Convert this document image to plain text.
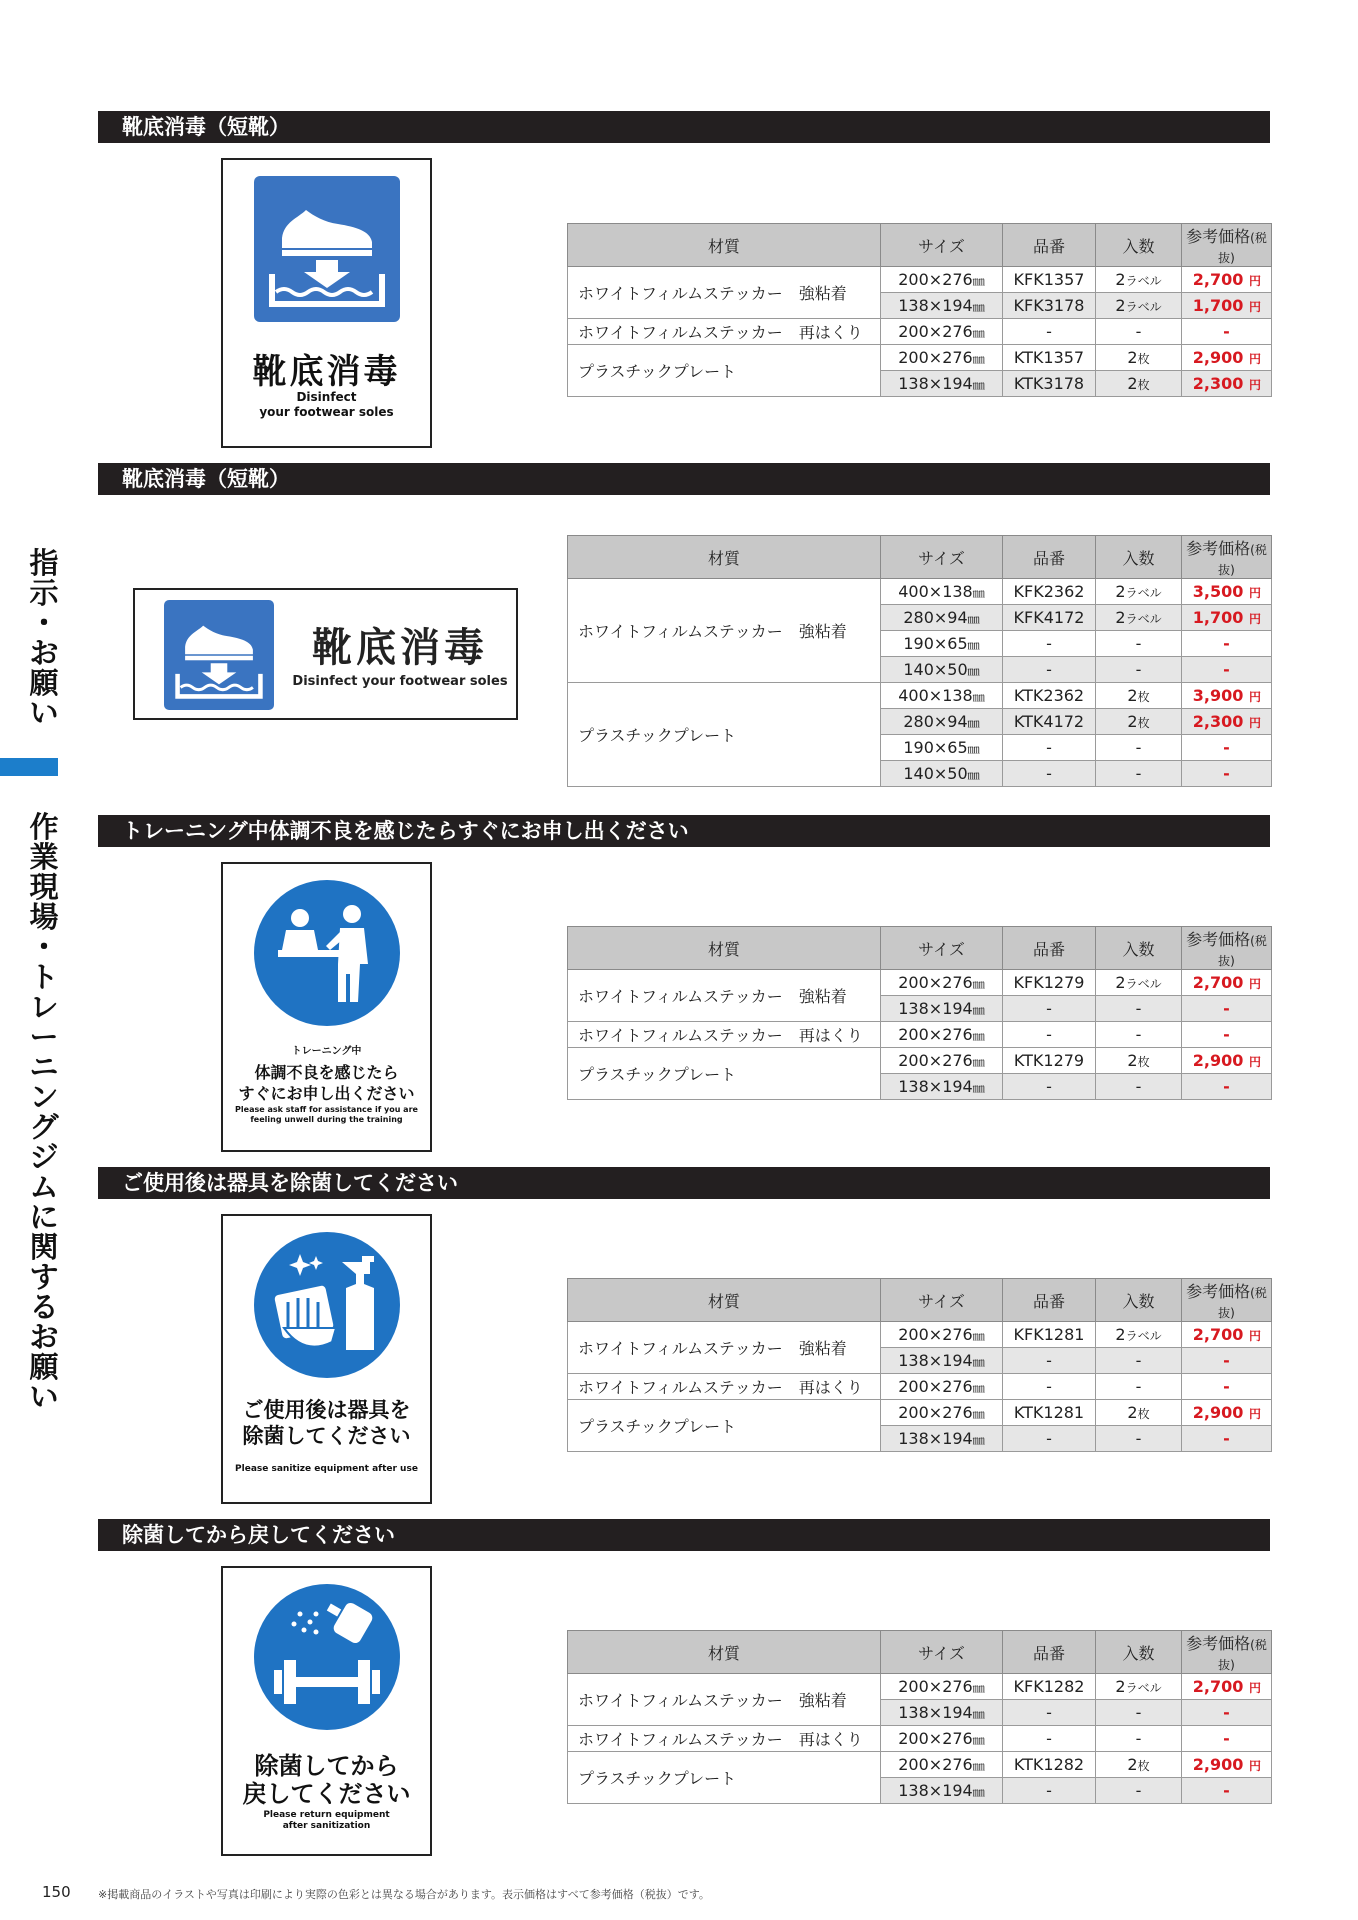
指
示
・
お
願
い
作
業
現
場
・
ト
レ
ー
ニ
ン
グ
ジ
ム
に
関
す
る
お
願
い
靴底消毒（短靴）
靴底消毒
Disinfect
your footwear soles
材質	サイズ	品番	入数	参考価格(税抜)
ホワイトフィルムステッカー　強粘着	200×276㎜	KFK1357	2ラベル	2,700 円
	138×194㎜	KFK3178	2ラベル	1,700 円
ホワイトフィルムステッカー　再はくり	200×276㎜	-	-	-
プラスチックプレート	200×276㎜	KTK1357	2枚	2,900 円
	138×194㎜	KTK3178	2枚	2,300 円
靴底消毒（短靴）
靴底消毒
Disinfect your footwear soles
材質	サイズ	品番	入数	参考価格(税抜)
ホワイトフィルムステッカー　強粘着	400×138㎜	KFK2362	2ラベル	3,500 円
	280×94㎜	KFK4172	2ラベル	1,700 円
	190×65㎜	-	-	-
	140×50㎜	-	-	-
プラスチックプレート	400×138㎜	KTK2362	2枚	3,900 円
	280×94㎜	KTK4172	2枚	2,300 円
	190×65㎜	-	-	-
	140×50㎜	-	-	-
トレーニング中体調不良を感じたらすぐにお申し出ください
トレーニング中
体調不良を感じたら
すぐにお申し出ください
Please ask staff for assistance if you are
feeling unwell during the training
材質	サイズ	品番	入数	参考価格(税抜)
ホワイトフィルムステッカー　強粘着	200×276㎜	KFK1279	2ラベル	2,700 円
	138×194㎜	-	-	-
ホワイトフィルムステッカー　再はくり	200×276㎜	-	-	-
プラスチックプレート	200×276㎜	KTK1279	2枚	2,900 円
	138×194㎜	-	-	-
ご使用後は器具を除菌してください
ご使用後は器具を
除菌してください
Please sanitize equipment after use
材質	サイズ	品番	入数	参考価格(税抜)
ホワイトフィルムステッカー　強粘着	200×276㎜	KFK1281	2ラベル	2,700 円
	138×194㎜	-	-	-
ホワイトフィルムステッカー　再はくり	200×276㎜	-	-	-
プラスチックプレート	200×276㎜	KTK1281	2枚	2,900 円
	138×194㎜	-	-	-
除菌してから戻してください
除菌してから
戻してください
Please return equipment
after sanitization
材質	サイズ	品番	入数	参考価格(税抜)
ホワイトフィルムステッカー　強粘着	200×276㎜	KFK1282	2ラベル	2,700 円
	138×194㎜	-	-	-
ホワイトフィルムステッカー　再はくり	200×276㎜	-	-	-
プラスチックプレート	200×276㎜	KTK1282	2枚	2,900 円
	138×194㎜	-	-	-
150 ※掲載商品のイラストや写真は印刷により実際の色彩とは異なる場合があります。表示価格はすべて参考価格（税抜）です。
